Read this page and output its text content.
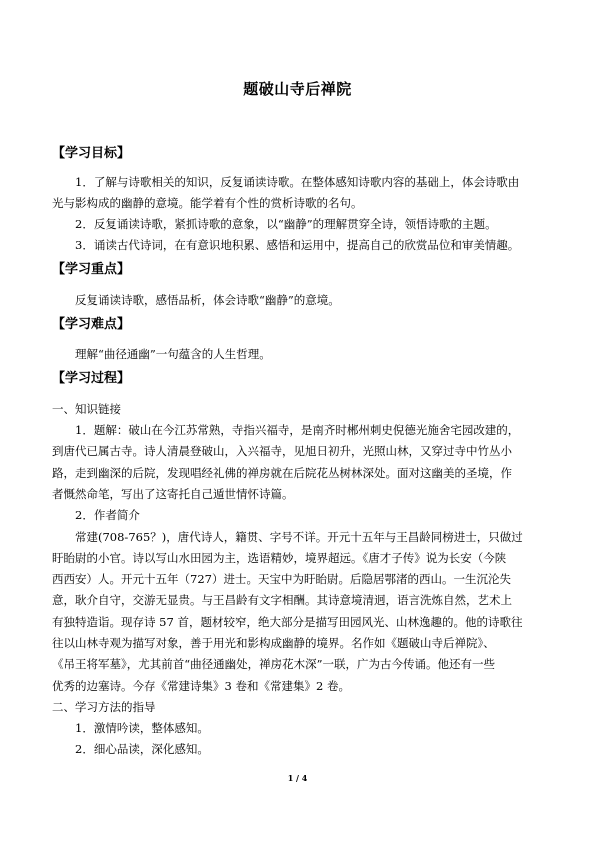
题破山寺后禅院
【学习目标】
1．了解与诗歌相关的知识，反复诵读诗歌。在整体感知诗歌内容的基础上，体会诗歌由
光与影构成的幽静的意境。能学着有个性的赏析诗歌的名句。
2．反复诵读诗歌，紧抓诗歌的意象，以“幽静”的理解贯穿全诗，领悟诗歌的主题。
3．诵读古代诗词，在有意识地积累、感悟和运用中，提高自己的欣赏品位和审美情趣。
【学习重点】
反复诵读诗歌，感悟品析，体会诗歌“幽静”的意境。
【学习难点】
理解“曲径通幽”一句蕴含的人生哲理。
【学习过程】
一、知识链接
1．题解：破山在今江苏常熟，寺指兴福寺，是南齐时郴州刺史倪德光施舍宅园改建的，
到唐代已属古寺。诗人清晨登破山，入兴福寺，见旭日初升，光照山林，又穿过寺中竹丛小
路，走到幽深的后院，发现唱经礼佛的禅房就在后院花丛树林深处。面对这幽美的圣境，作
者慨然命笔，写出了这寄托自己遁世情怀诗篇。
2．作者简介
常建(708-765？)，唐代诗人，籍贯、字号不详。开元十五年与王昌龄同榜进士，只做过
盱眙尉的小官。诗以写山水田园为主，选语精妙，境界超远。《唐才子传》说为长安（今陕
西西安）人。开元十五年（727）进士。天宝中为盱眙尉。后隐居鄂渚的西山。一生沉沦失
意，耿介自守，交游无显贵。与王昌龄有文字相酬。其诗意境清迥，语言洗炼自然，艺术上
有独特造诣。现存诗 57 首，题材较窄，绝大部分是描写田园风光、山林逸趣的。他的诗歌往
往以山林寺观为描写对象，善于用光和影构成幽静的境界。名作如《题破山寺后禅院》、
《吊王将军墓》，尤其前首“曲径通幽处，禅房花木深”一联，广为古今传诵。他还有一些
优秀的边塞诗。今存《常建诗集》3 卷和《常建集》2 卷。
二、学习方法的指导
1．激情吟读，整体感知。
2．细心品读，深化感知。
1 / 4
